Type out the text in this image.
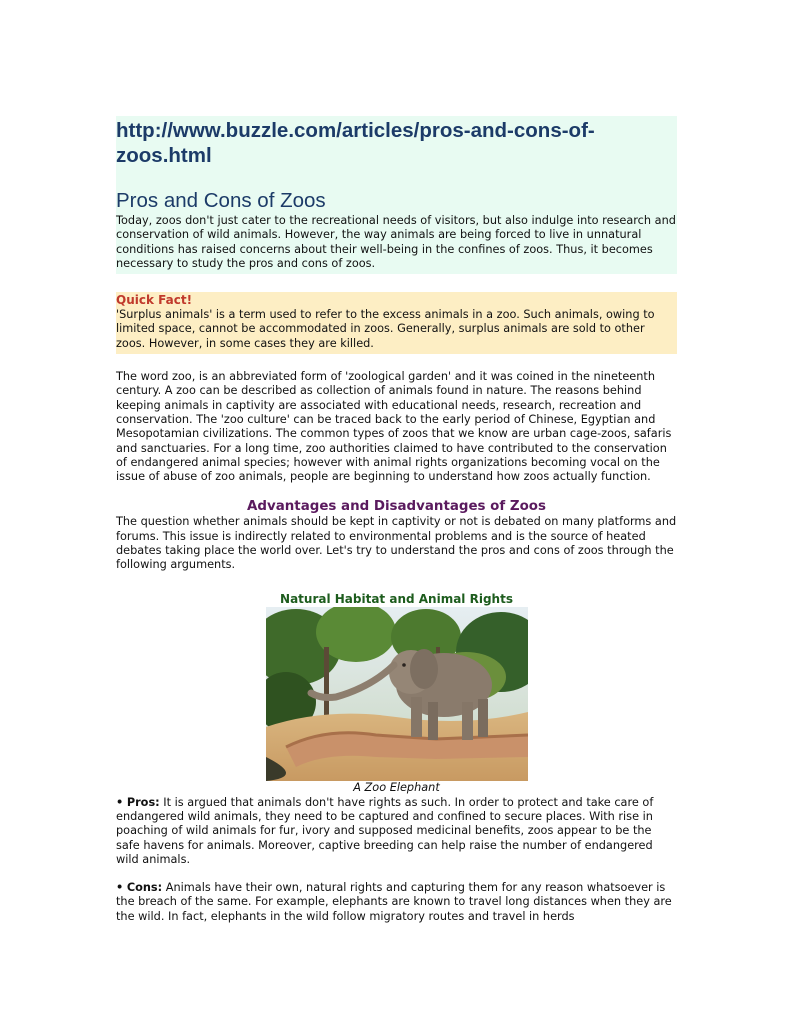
http://www.buzzle.com/articles/pros-and-cons-of-zoos.html
Pros and Cons of Zoos

Today, zoos don't just cater to the recreational needs of visitors, but also indulge into research and conservation of wild animals. However, the way animals are being forced to live in unnatural conditions has raised concerns about their well-being in the confines of zoos. Thus, it becomes necessary to study the pros and cons of zoos.

Quick Fact!

'Surplus animals' is a term used to refer to the excess animals in a zoo. Such animals, owing to limited space, cannot be accommodated in zoos. Generally, surplus animals are sold to other zoos. However, in some cases they are killed.

The word zoo, is an abbreviated form of 'zoological garden' and it was coined in the nineteenth century. A zoo can be described as collection of animals found in nature. The reasons behind keeping animals in captivity are associated with educational needs, research, recreation and conservation. The 'zoo culture' can be traced back to the early period of Chinese, Egyptian and Mesopotamian civilizations. The common types of zoos that we know are urban cage-zoos, safaris and sanctuaries. For a long time, zoo authorities claimed to have contributed to the conservation of endangered animal species; however with animal rights organizations becoming vocal on the issue of abuse of zoo animals, people are beginning to understand how zoos actually function.

Advantages and Disadvantages of Zoos

The question whether animals should be kept in captivity or not is debated on many platforms and forums. This issue is indirectly related to environmental problems and is the source of heated debates taking place the world over. Let's try to understand the pros and cons of zoos through the following arguments.

Natural Habitat and Animal Rights

A Zoo Elephant

• Pros: It is argued that animals don't have rights as such. In order to protect and take care of endangered wild animals, they need to be captured and confined to secure places. With rise in poaching of wild animals for fur, ivory and supposed medicinal benefits, zoos appear to be the safe havens for animals. Moreover, captive breeding can help raise the number of endangered wild animals.

• Cons: Animals have their own, natural rights and capturing them for any reason whatsoever is the breach of the same. For example, elephants are known to travel long distances when they are the wild. In fact, elephants in the wild follow migratory routes and travel in herds
